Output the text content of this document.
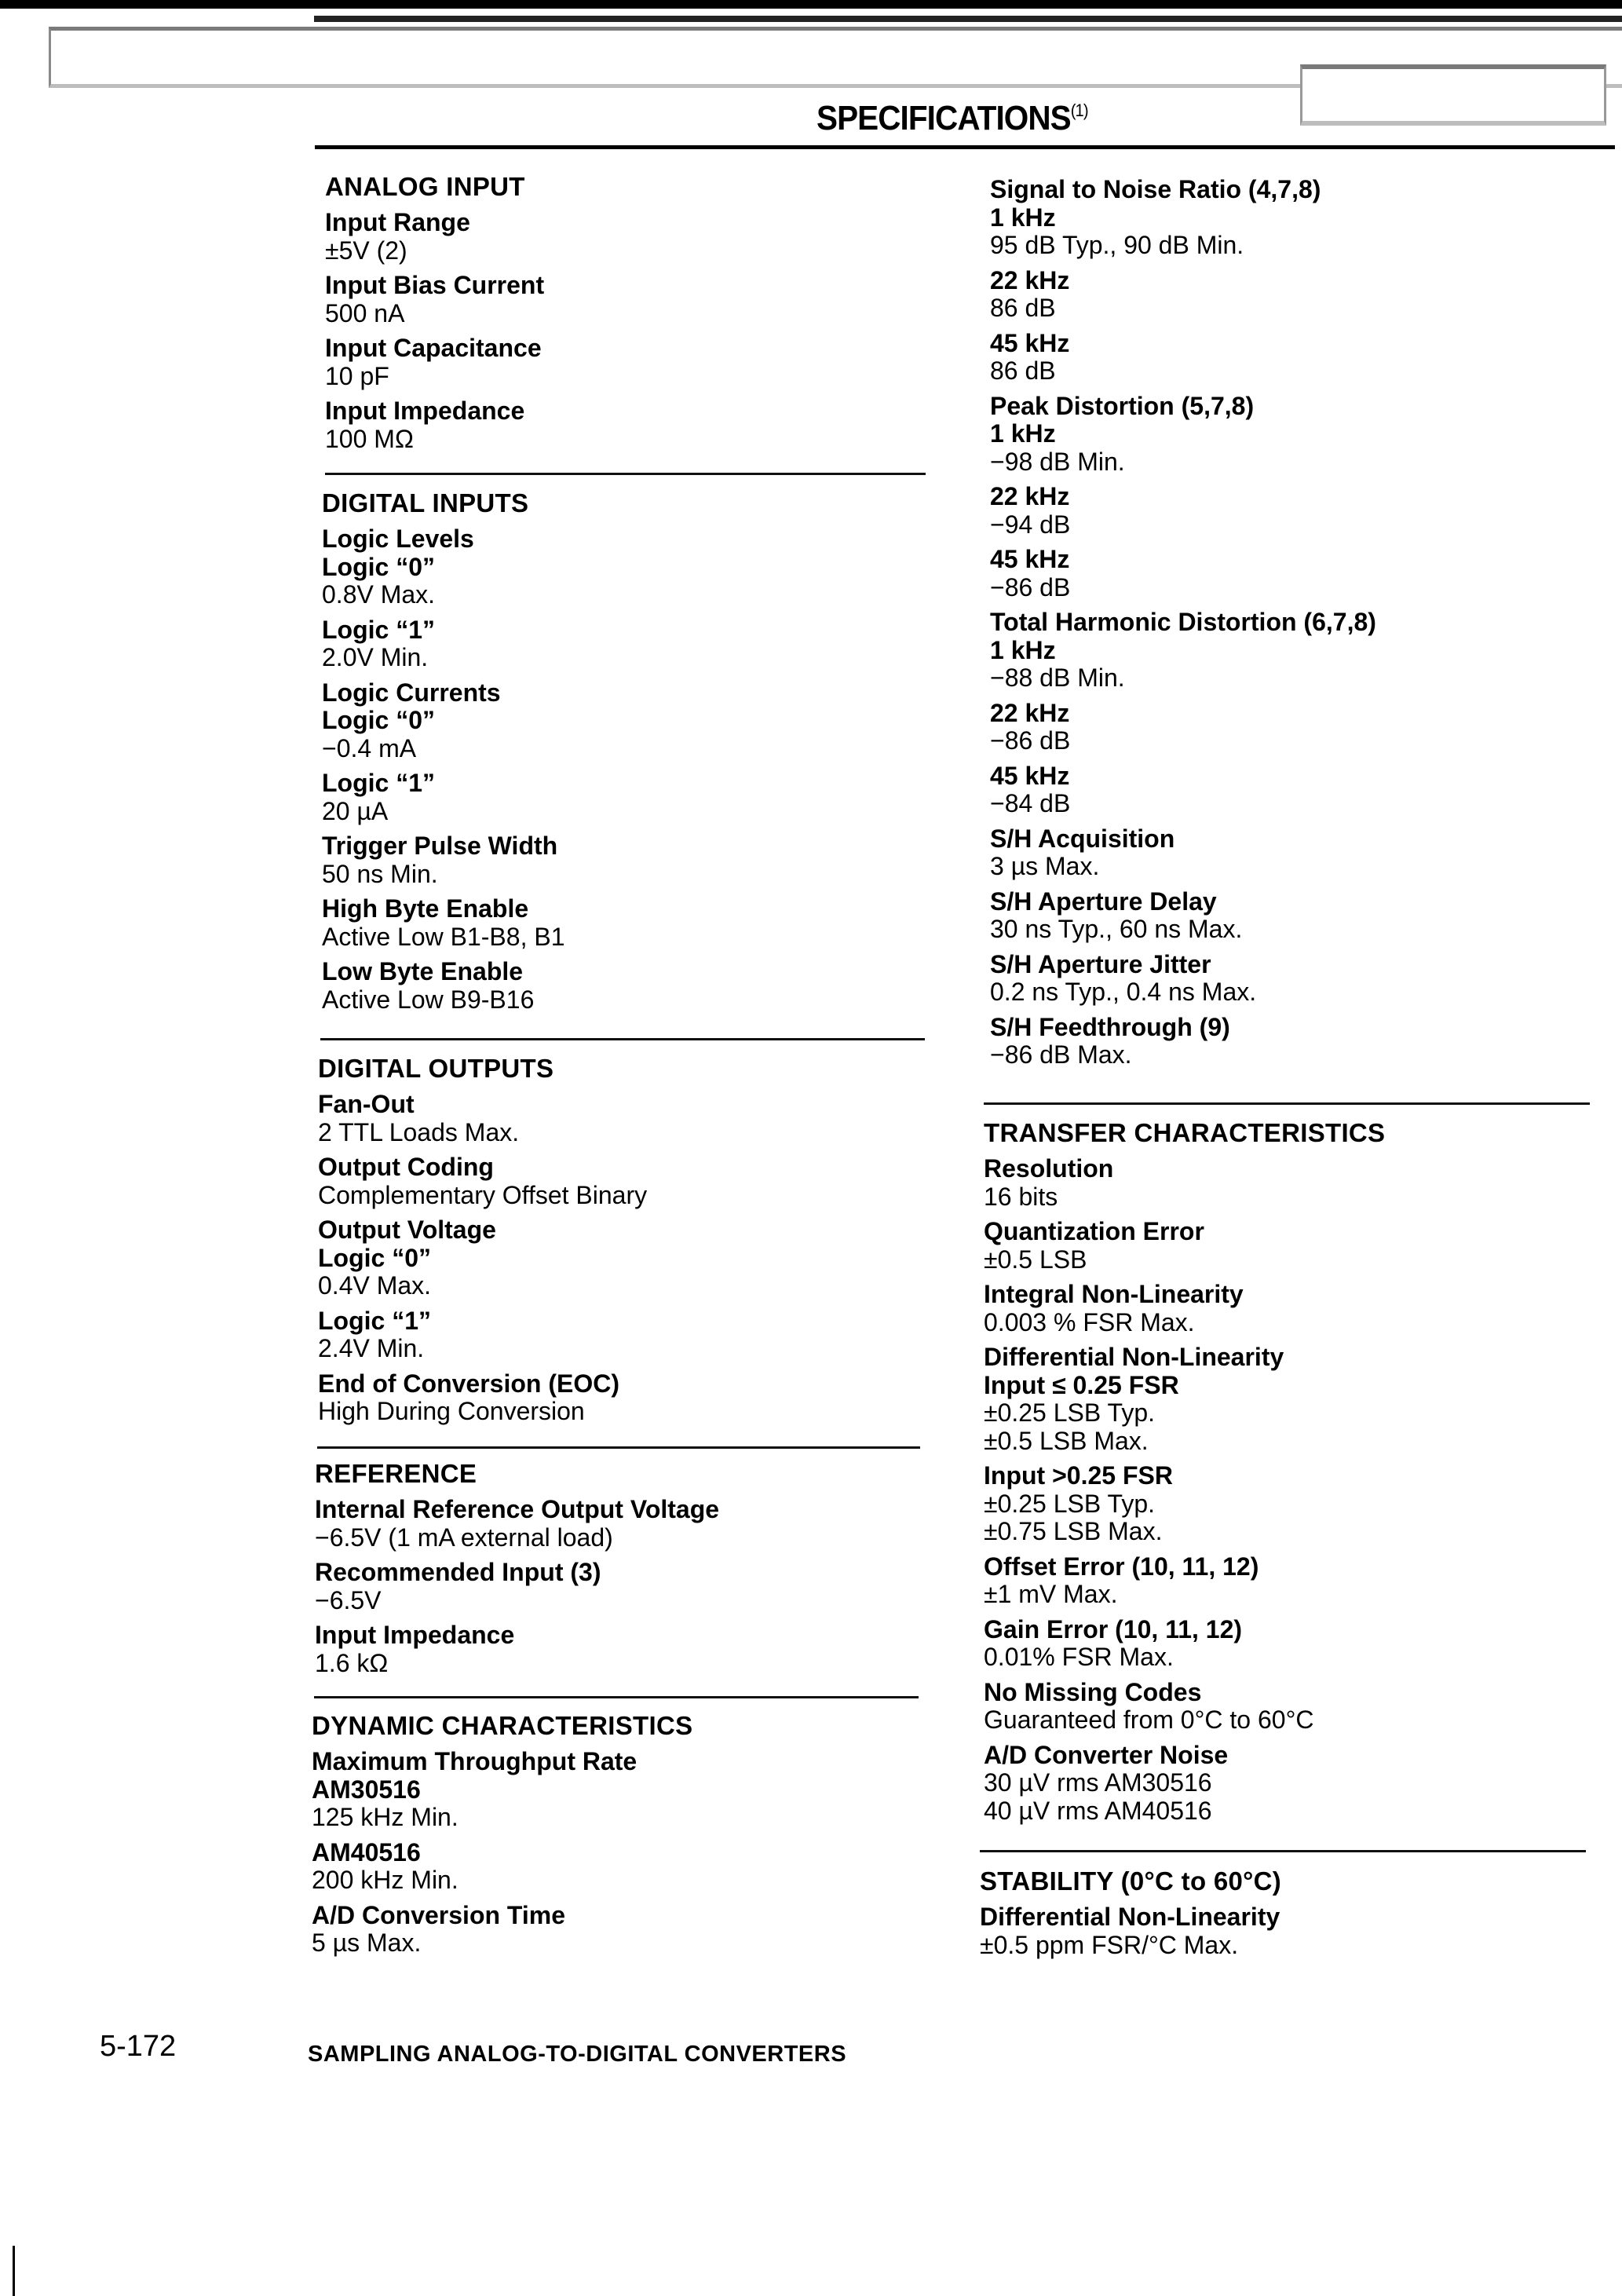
SPECIFICATIONS$^{(1)}$
ANALOG INPUT
Input Range
±5V (2)
Input Bias Current
500 nA
Input Capacitance
10 pF
Input Impedance
100 MΩ
DIGITAL INPUTS
Logic Levels
Logic “0”
0.8V Max.
Logic “1”
2.0V Min.
Logic Currents
Logic “0”
−0.4 mA
Logic “1”
20 µA
Trigger Pulse Width
50 ns Min.
High Byte Enable
Active Low B1-B8, B1
Low Byte Enable
Active Low B9-B16
DIGITAL OUTPUTS
Fan-Out
2 TTL Loads Max.
Output Coding
Complementary Offset Binary
Output Voltage
Logic “0”
0.4V Max.
Logic “1”
2.4V Min.
End of Conversion (EOC)
High During Conversion
REFERENCE
Internal Reference Output Voltage
−6.5V (1 mA external load)
Recommended Input (3)
−6.5V
Input Impedance
1.6 kΩ
DYNAMIC CHARACTERISTICS
Maximum Throughput Rate
AM30516
125 kHz Min.
AM40516
200 kHz Min.
A/D Conversion Time
5 µs Max.
Signal to Noise Ratio (4,7,8)
1 kHz
95 dB Typ., 90 dB Min.
22 kHz
86 dB
45 kHz
86 dB
Peak Distortion (5,7,8)
1 kHz
−98 dB Min.
22 kHz
−94 dB
45 kHz
−86 dB
Total Harmonic Distortion (6,7,8)
1 kHz
−88 dB Min.
22 kHz
−86 dB
45 kHz
−84 dB
S/H Acquisition
3 µs Max.
S/H Aperture Delay
30 ns Typ., 60 ns Max.
S/H Aperture Jitter
0.2 ns Typ., 0.4 ns Max.
S/H Feedthrough (9)
−86 dB Max.
TRANSFER CHARACTERISTICS
Resolution
16 bits
Quantization Error
±0.5 LSB
Integral Non-Linearity
0.003 % FSR Max.
Differential Non-Linearity
Input ≤ 0.25 FSR
±0.25 LSB Typ.
±0.5 LSB Max.
Input >0.25 FSR
±0.25 LSB Typ.
±0.75 LSB Max.
Offset Error (10, 11, 12)
±1 mV Max.
Gain Error (10, 11, 12)
0.01% FSR Max.
No Missing Codes
Guaranteed from 0°C to 60°C
A/D Converter Noise
30 µV rms AM30516
40 µV rms AM40516
STABILITY (0°C to 60°C)
Differential Non-Linearity
±0.5 ppm FSR/°C Max.
5-172	SAMPLING ANALOG-TO-DIGITAL CONVERTERS
